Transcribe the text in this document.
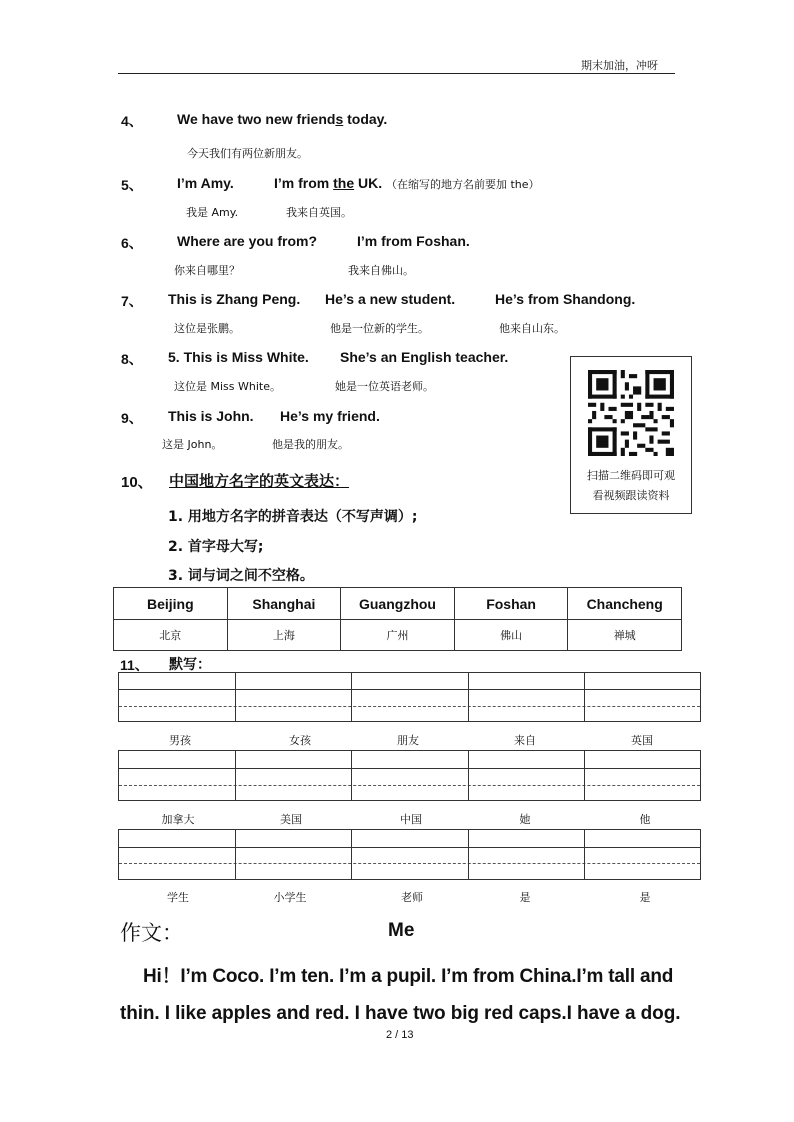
期末加油，冲呀
4、 We have two new friends today.
今天我们有两位新朋友。
5、 I’m Amy.	I’m from the UK. （在缩写的地方名前要加 the）
我是 Amy.	我来自英国。
6、 Where are you from?	I’m from Foshan.
你来自哪里？	我来自佛山。
7、 This is Zhang Peng. He’s a new student.	He’s from Shandong.
这位是张鹏。	他是一位新的学生。	他来自山东。
8、 5. This is Miss White. She’s an English teacher.
这位是 Miss White。	她是一位英语老师。
9、 This is John. He’s my friend.
这是 John。	他是我的朋友。
扫描二维码即可观
看视频跟读资料
10、 中国地方名字的英文表达：
1. 用地方名字的拼音表达（不写声调）;
2. 首字母大写;
3. 词与词之间不空格。
Beijing	Shanghai	Guangzhou	Foshan	Chancheng
北京	上海	广州	佛山	禅城
11、 默写：
男孩	女孩	朋友	来自	英国
加拿大	美国	中国	她	他
学生	小学生	老师	是	是
作文：	Me
Hi！I’m Coco. I’m ten. I’m a pupil. I’m from China.I’m tall and
thin. I like apples and red. I have two big red caps.I have a dog.
2 / 13
